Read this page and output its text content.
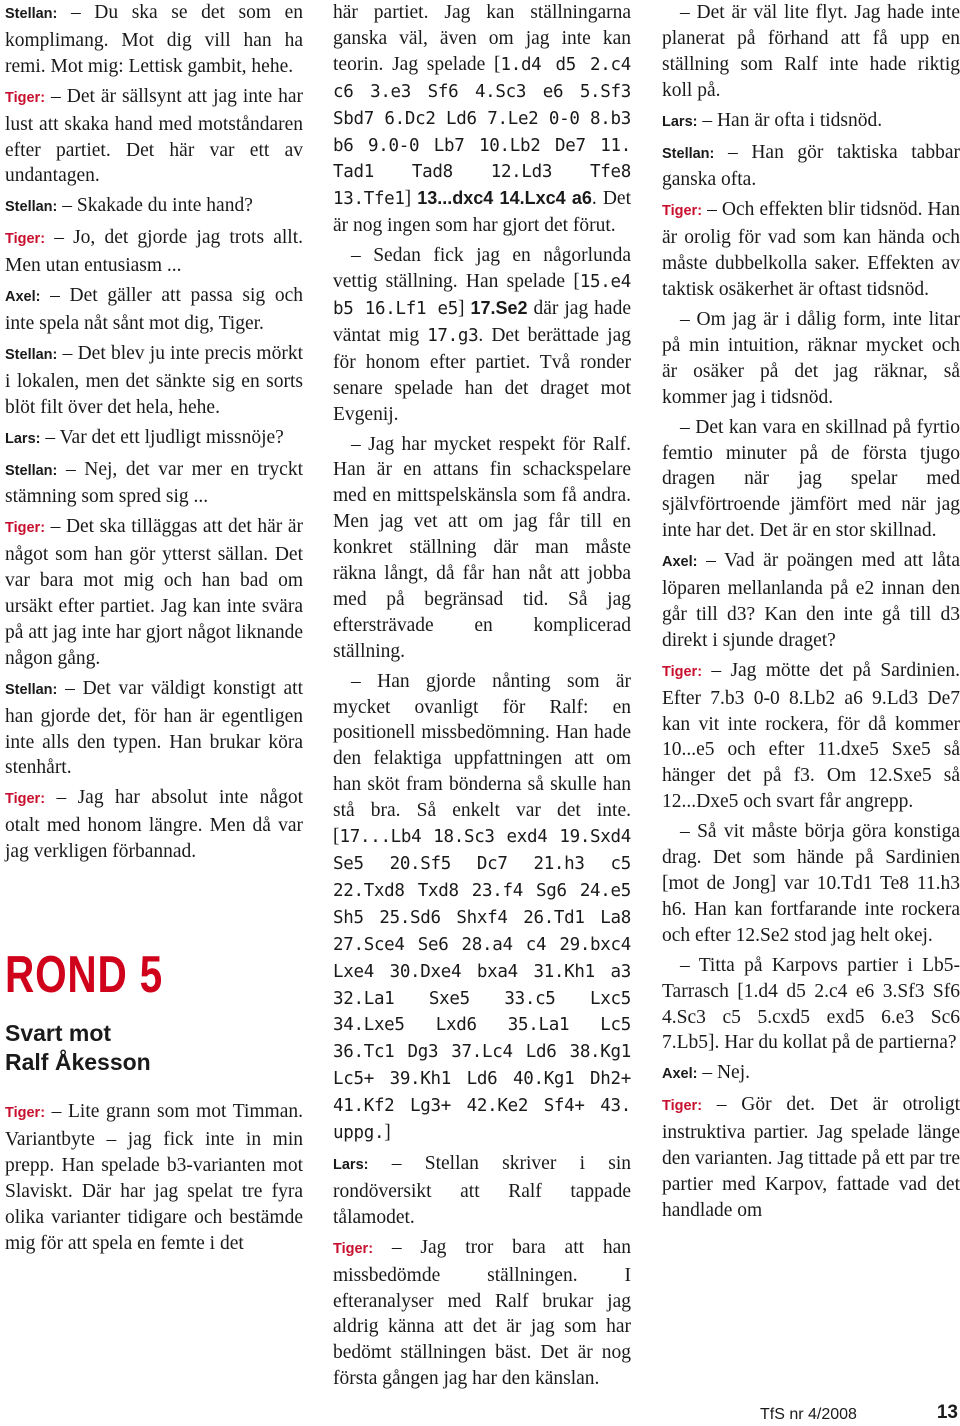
Stellan: – Du ska se det som en komplimang. Mot dig vill han ha remi. Mot mig: Lettisk gambit, hehe.

Tiger: – Det är sällsynt att jag inte har lust att skaka hand med motståndaren efter partiet. Det här var ett av undantagen.

Stellan: – Skakade du inte hand?

Tiger: – Jo, det gjorde jag trots allt. Men utan entusiasm ...

Axel: – Det gäller att passa sig och inte spela nåt sånt mot dig, Tiger.

Stellan: – Det blev ju inte precis mörkt i lokalen, men det sänkte sig en sorts blöt filt över det hela, hehe.

Lars: – Var det ett ljudligt missnöje?

Stellan: – Nej, det var mer en tryckt stämning som spred sig ...

Tiger: – Det ska tilläggas att det här är något som han gör ytterst sällan. Det var bara mot mig och han bad om ursäkt efter partiet. Jag kan inte svära på att jag inte har gjort något liknande någon gång.

Stellan: – Det var väldigt konstigt att han gjorde det, för han är egentligen inte alls den typen. Han brukar köra stenhårt.

Tiger: – Jag har absolut inte något otalt med honom längre. Men då var jag verkligen förbannad.

ROND 5
Svart mot
Ralf Åkesson

Tiger: – Lite grann som mot Timman. Variantbyte – jag fick inte in min prepp. Han spelade b3-varianten mot Slaviskt. Där har jag spelat tre fyra olika varianter tidigare och bestämde mig för att spela en femte i det

här partiet. Jag kan ställningarna ganska väl, även om jag inte kan teorin. Jag spelade [1.d4 d5 2.c4 c6 3.e3 Sf6 4.Sc3 e6 5.Sf3 Sbd7 6.Dc2 Ld6 7.Le2 0-0 8.b3 b6 9.0-0 Lb7 10.Lb2 De7 11. Tad1 Tad8 12.Ld3 Tfe8 13.Tfe1] 13...dxc4 14.Lxc4 a6. Det är nog ingen som har gjort det förut.

– Sedan fick jag en någorlunda vettig ställning. Han spelade [15.e4 b5 16.Lf1 e5] 17.Se2 där jag hade väntat mig 17.g3. Det berättade jag för honom efter partiet. Två ronder senare spelade han det draget mot Evgenij.

– Jag har mycket respekt för Ralf. Han är en attans fin schackspelare med en mittspelskänsla som få andra. Men jag vet att om jag får till en konkret ställning där man måste räkna långt, då får han nåt att jobba med på begränsad tid. Så jag eftersträvade en komplicerad ställning.

– Han gjorde nånting som är mycket ovanligt för Ralf: en positionell missbedömning. Han hade den felaktiga uppfattningen att om han sköt fram bönderna så skulle han stå bra. Så enkelt var det inte. [17...Lb4 18.Sc3 exd4 19.Sxd4 Se5 20.Sf5 Dc7 21.h3 c5 22.Txd8 Txd8 23.f4 Sg6 24.e5 Sh5 25.Sd6 Shxf4 26.Td1 La8 27.Sce4 Se6 28.a4 c4 29.bxc4 Lxe4 30.Dxe4 bxa4 31.Kh1 a3 32.La1 Sxe5 33.c5 Lxc5 34.Lxe5 Lxd6 35.La1 Lc5 36.Tc1 Dg3 37.Lc4 Ld6 38.Kg1 Lc5+ 39.Kh1 Ld6 40.Kg1 Dh2+ 41.Kf2 Lg3+ 42.Ke2 Sf4+ 43. uppg.]

Lars: – Stellan skriver i sin rondöversikt att Ralf tappade tålamodet.

Tiger: – Jag tror bara att han missbedömde ställningen. I efteranalyser med Ralf brukar jag aldrig känna att det är jag som har bedömt ställningen bäst. Det är nog första gången jag har den känslan.

– Det är väl lite flyt. Jag hade inte planerat på förhand att få upp en ställning som Ralf inte hade riktig koll på.

Lars: – Han är ofta i tidsnöd.

Stellan: – Han gör taktiska tabbar ganska ofta.

Tiger: – Och effekten blir tidsnöd. Han är orolig för vad som kan hända och måste dubbelkolla saker. Effekten av taktisk osäkerhet är oftast tidsnöd.

– Om jag är i dålig form, inte litar på min intuition, räknar mycket och är osäker på det jag räknar, så kommer jag i tidsnöd.

– Det kan vara en skillnad på fyrtio femtio minuter på de första tjugo dragen när jag spelar med självförtroende jämfört med när jag inte har det. Det är en stor skillnad.

Axel: – Vad är poängen med att låta löparen mellanlanda på e2 innan den går till d3? Kan den inte gå till d3 direkt i sjunde draget?

Tiger: – Jag mötte det på Sardinien. Efter 7.b3 0-0 8.Lb2 a6 9.Ld3 De7 kan vit inte rockera, för då kommer 10...e5 och efter 11.dxe5 Sxe5 så hänger det på f3. Om 12.Sxe5 så 12...Dxe5 och svart får angrepp.

– Så vit måste börja göra konstiga drag. Det som hände på Sardinien [mot de Jong] var 10.Td1 Te8 11.h3 h6. Han kan fortfarande inte rockera och efter 12.Se2 stod jag helt okej.

– Titta på Karpovs partier i Lb5-Tarrasch [1.d4 d5 2.c4 e6 3.Sf3 Sf6 4.Sc3 c5 5.cxd5 exd5 6.e3 Sc6 7.Lb5]. Har du kollat på de partierna?

Axel: – Nej.

Tiger: – Gör det. Det är otroligt instruktiva partier. Jag spelade länge den varianten. Jag tittade på ett par tre partier med Karpov, fattade vad det handlade om

TfS nr 4/2008	13
